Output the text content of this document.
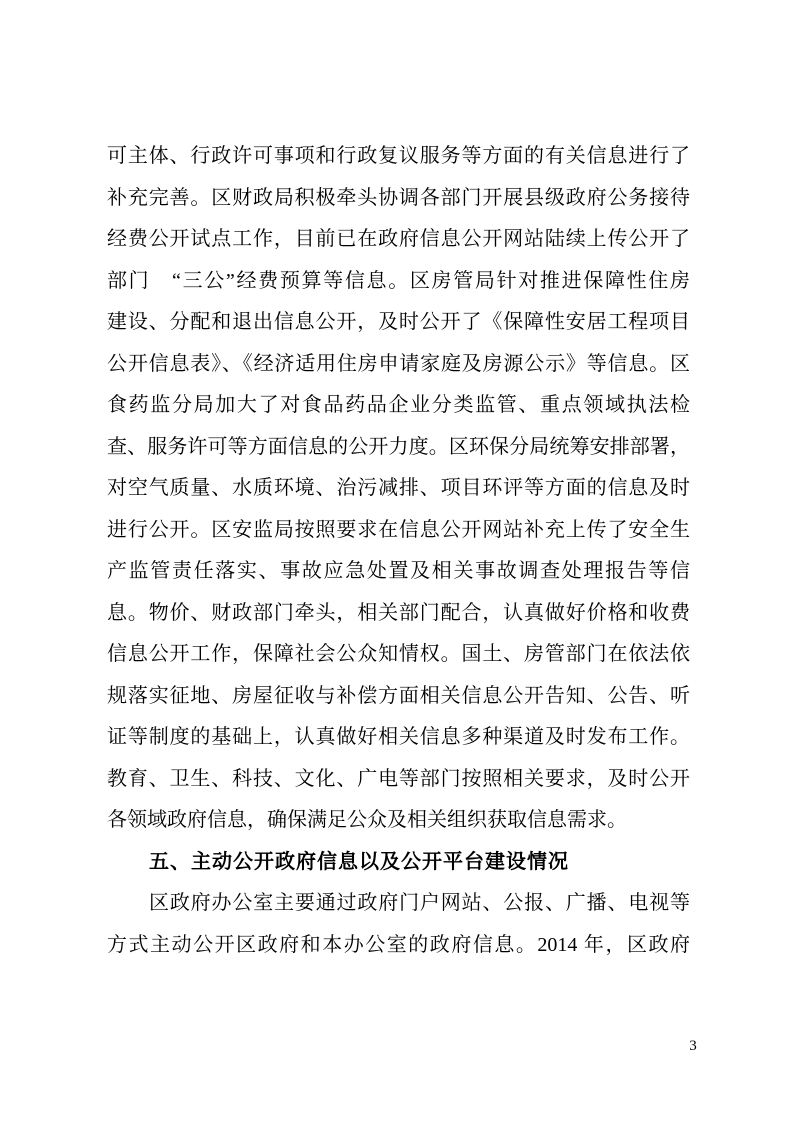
可主体、行政许可事项和行政复议服务等方面的有关信息进行了
补充完善。区财政局积极牵头协调各部门开展县级政府公务接待
经费公开试点工作，目前已在政府信息公开网站陆续上传公开了
部门　“三公”经费预算等信息。区房管局针对推进保障性住房
建设、分配和退出信息公开，及时公开了《保障性安居工程项目
公开信息表》、《经济适用住房申请家庭及房源公示》等信息。区
食药监分局加大了对食品药品企业分类监管、重点领域执法检
查、服务许可等方面信息的公开力度。区环保分局统筹安排部署，
对空气质量、水质环境、治污减排、项目环评等方面的信息及时
进行公开。区安监局按照要求在信息公开网站补充上传了安全生
产监管责任落实、事故应急处置及相关事故调查处理报告等信
息。物价、财政部门牵头，相关部门配合，认真做好价格和收费
信息公开工作，保障社会公众知情权。国土、房管部门在依法依
规落实征地、房屋征收与补偿方面相关信息公开告知、公告、听
证等制度的基础上，认真做好相关信息多种渠道及时发布工作。
教育、卫生、科技、文化、广电等部门按照相关要求，及时公开
各领域政府信息，确保满足公众及相关组织获取信息需求。
五、主动公开政府信息以及公开平台建设情况
区政府办公室主要通过政府门户网站、公报、广播、电视等
方式主动公开区政府和本办公室的政府信息。2014 年，区政府
3
